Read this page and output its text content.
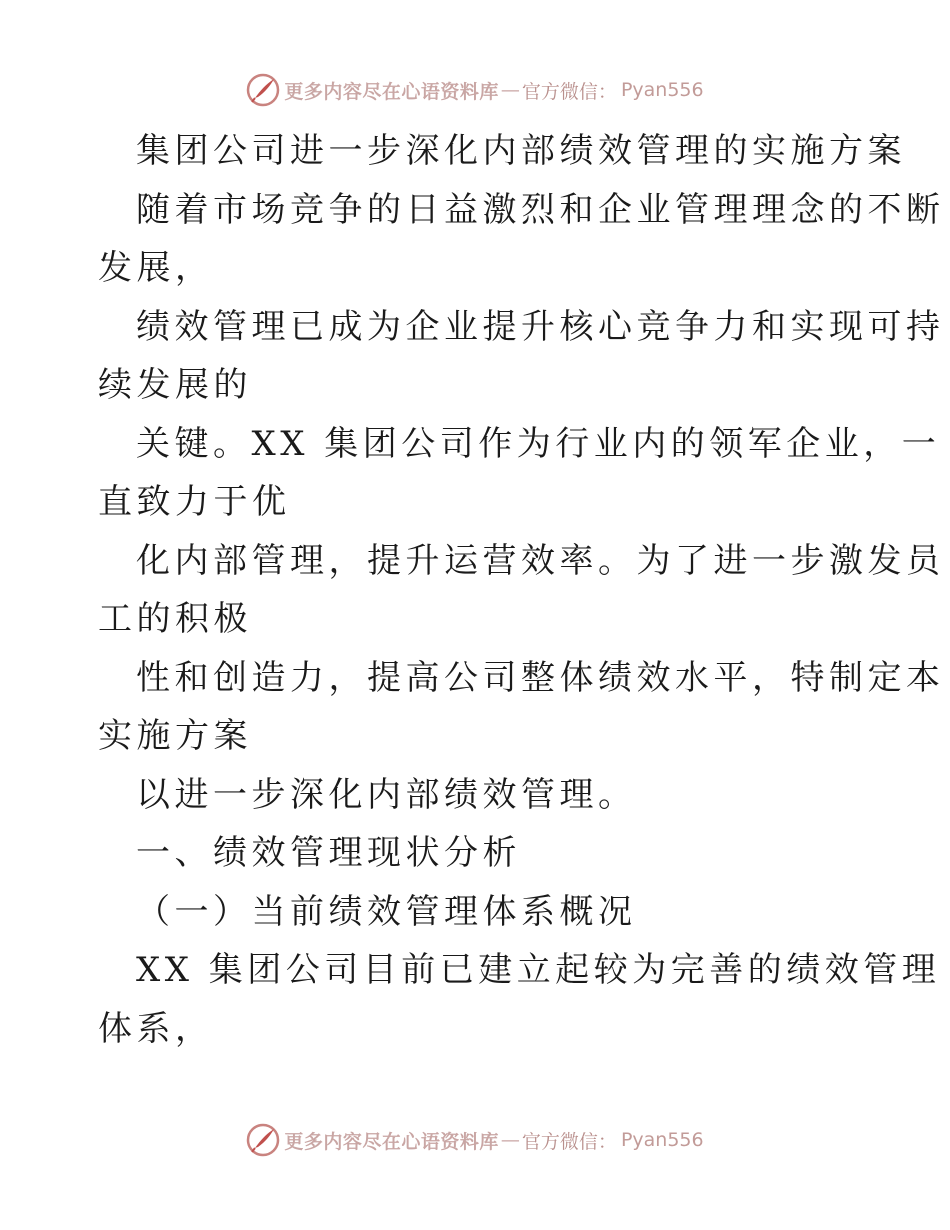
更多内容尽在心语资料库 — 官方微信： Pyan556
集团公司进一步深化内部绩效管理的实施方案
随着市场竞争的日益激烈和企业管理理念的不断
发展，
绩效管理已成为企业提升核心竞争力和实现可持
续发展的
关键。XX 集团公司作为行业内的领军企业，一
直致力于优
化内部管理，提升运营效率。为了进一步激发员
工的积极
性和创造力，提高公司整体绩效水平，特制定本
实施方案
以进一步深化内部绩效管理。
一、绩效管理现状分析
（一）当前绩效管理体系概况
XX 集团公司目前已建立起较为完善的绩效管理
体系，
更多内容尽在心语资料库 — 官方微信： Pyan556
